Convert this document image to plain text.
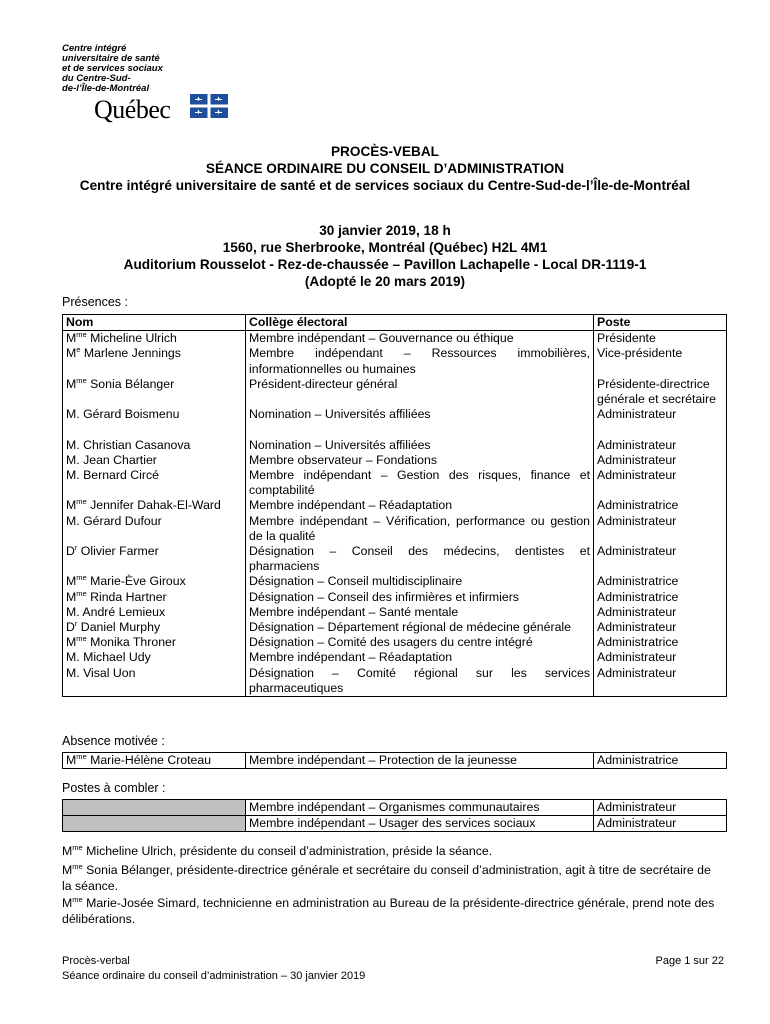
Centre intégré
universitaire de santé
et de services sociaux
du Centre-Sud-
de-l’Île-de-Montréal
Québec
PROCÈS-VEBAL
SÉANCE ORDINAIRE DU CONSEIL D’ADMINISTRATION
Centre intégré universitaire de santé et de services sociaux du Centre-Sud-de-l’Île-de-Montréal
30 janvier 2019, 18 h
1560, rue Sherbrooke, Montréal (Québec) H2L 4M1
Auditorium Rousselot - Rez-de-chaussée – Pavillon Lachapelle - Local DR-1119-1
(Adopté le 20 mars 2019)
Présences :
Nom	Collège électoral	Poste
$M^{me}$ Micheline Ulrich	Membre indépendant – Gouvernance ou éthique	Présidente
Me Marlene Jennings	Membre indépendant – Ressources immobilières, informationnelles ou humaines	Vice-présidente
$M^{me}$ Sonia Bélanger	Président-directeur général	Présidente-directrice générale et secrétaire
M. Gérard Boismenu	Nomination – Universités affiliées	Administrateur

M. Christian Casanova	Nomination – Universités affiliées	Administrateur
M. Jean Chartier	Membre observateur – Fondations	Administrateur
M. Bernard Circé	Membre indépendant – Gestion des risques, finance et comptabilité	Administrateur
$M^{me}$ Jennifer Dahak-El-Ward	Membre indépendant – Réadaptation	Administratrice
M. Gérard Dufour	Membre indépendant – Vérification, performance ou gestion de la qualité	Administrateur
$D^r$ Olivier Farmer	Désignation – Conseil des médecins, dentistes et pharmaciens	Administrateur
$M^{me}$ Marie-Ève Giroux	Désignation – Conseil multidisciplinaire	Administratrice
$M^{me}$ Rinda Hartner	Désignation – Conseil des infirmières et infirmiers	Administratrice
M. André Lemieux	Membre indépendant – Santé mentale	Administrateur
$D^r$ Daniel Murphy	Désignation – Département régional de médecine générale	Administrateur
$M^{me}$ Monika Throner	Désignation – Comité des usagers du centre intégré	Administratrice
M. Michael Udy	Membre indépendant – Réadaptation	Administrateur
M. Visal Uon	Désignation – Comité régional sur les services pharmaceutiques	Administrateur
Absence motivée :
$M^{me}$ Marie-Hélène Croteau	Membre indépendant – Protection de la jeunesse	Administratrice
Postes à combler :
	Membre indépendant – Organismes communautaires	Administrateur
	Membre indépendant – Usager des services sociaux	Administrateur
$M^{me}$ Micheline Ulrich, présidente du conseil d’administration, préside la séance.
$M^{me}$ Sonia Bélanger, présidente-directrice générale et secrétaire du conseil d’administration, agit à titre de secrétaire de la séance.
$M^{me}$ Marie-Josée Simard, technicienne en administration au Bureau de la présidente-directrice générale, prend note des délibérations.
Procès-verbal
Séance ordinaire du conseil d’administration – 30 janvier 2019
Page 1 sur 22
